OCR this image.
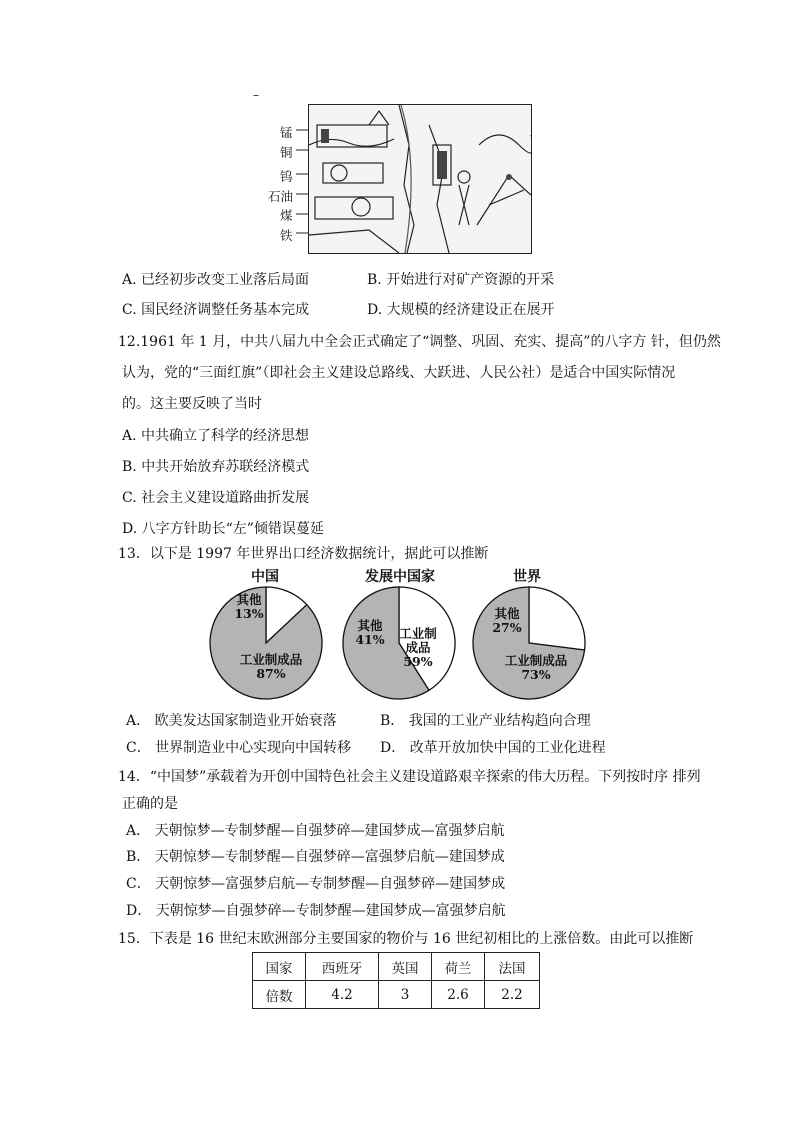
–
锰
铜
钨
石油
煤
铁
A. 已经初步改变工业落后局面	B. 开始进行对矿产资源的开采
C. 国民经济调整任务基本完成	D. 大规模的经济建设正在展开
12.1961 年 1 月，中共八届九中全会正式确定了“调整、巩固、充实、提高”的八字方 针，但仍然
认为，党的“三面红旗”（即社会主义建设总路线、大跃进、人民公社）是适合中国实际情况
的。这主要反映了当时
A. 中共确立了科学的经济思想
B. 中共开始放弃苏联经济模式
C. 社会主义建设道路曲折发展
D. 八字方针助长“左”倾错误蔓延
13．以下是 1997 年世界出口经济数据统计，据此可以推断
中国	发展中国家	世界
其他
13%
工业制成品
87%
其他
41%	工业制成品
59%
其他
27%
工业制成品
73%
A． 欧美发达国家制造业开始衰落	B． 我国的工业产业结构趋向合理
C． 世界制造业中心实现向中国转移 D． 改革开放加快中国的工业化进程
14．“中国梦”承载着为开创中国特色社会主义建设道路艰辛探索的伟大历程。下列按时序 排列
正确的是
A． 天朝惊梦—专制梦醒—自强梦碎—建国梦成—富强梦启航
B． 天朝惊梦—专制梦醒—自强梦碎—富强梦启航—建国梦成
C． 天朝惊梦—富强梦启航—专制梦醒—自强梦碎—建国梦成
D． 天朝惊梦—自强梦碎—专制梦醒—建国梦成—富强梦启航
15．下表是 16 世纪末欧洲部分主要国家的物价与 16 世纪初相比的上涨倍数。由此可以推断
国家	西班牙	英国	荷兰	法国
倍数	4.2	3	2.6	2.2
